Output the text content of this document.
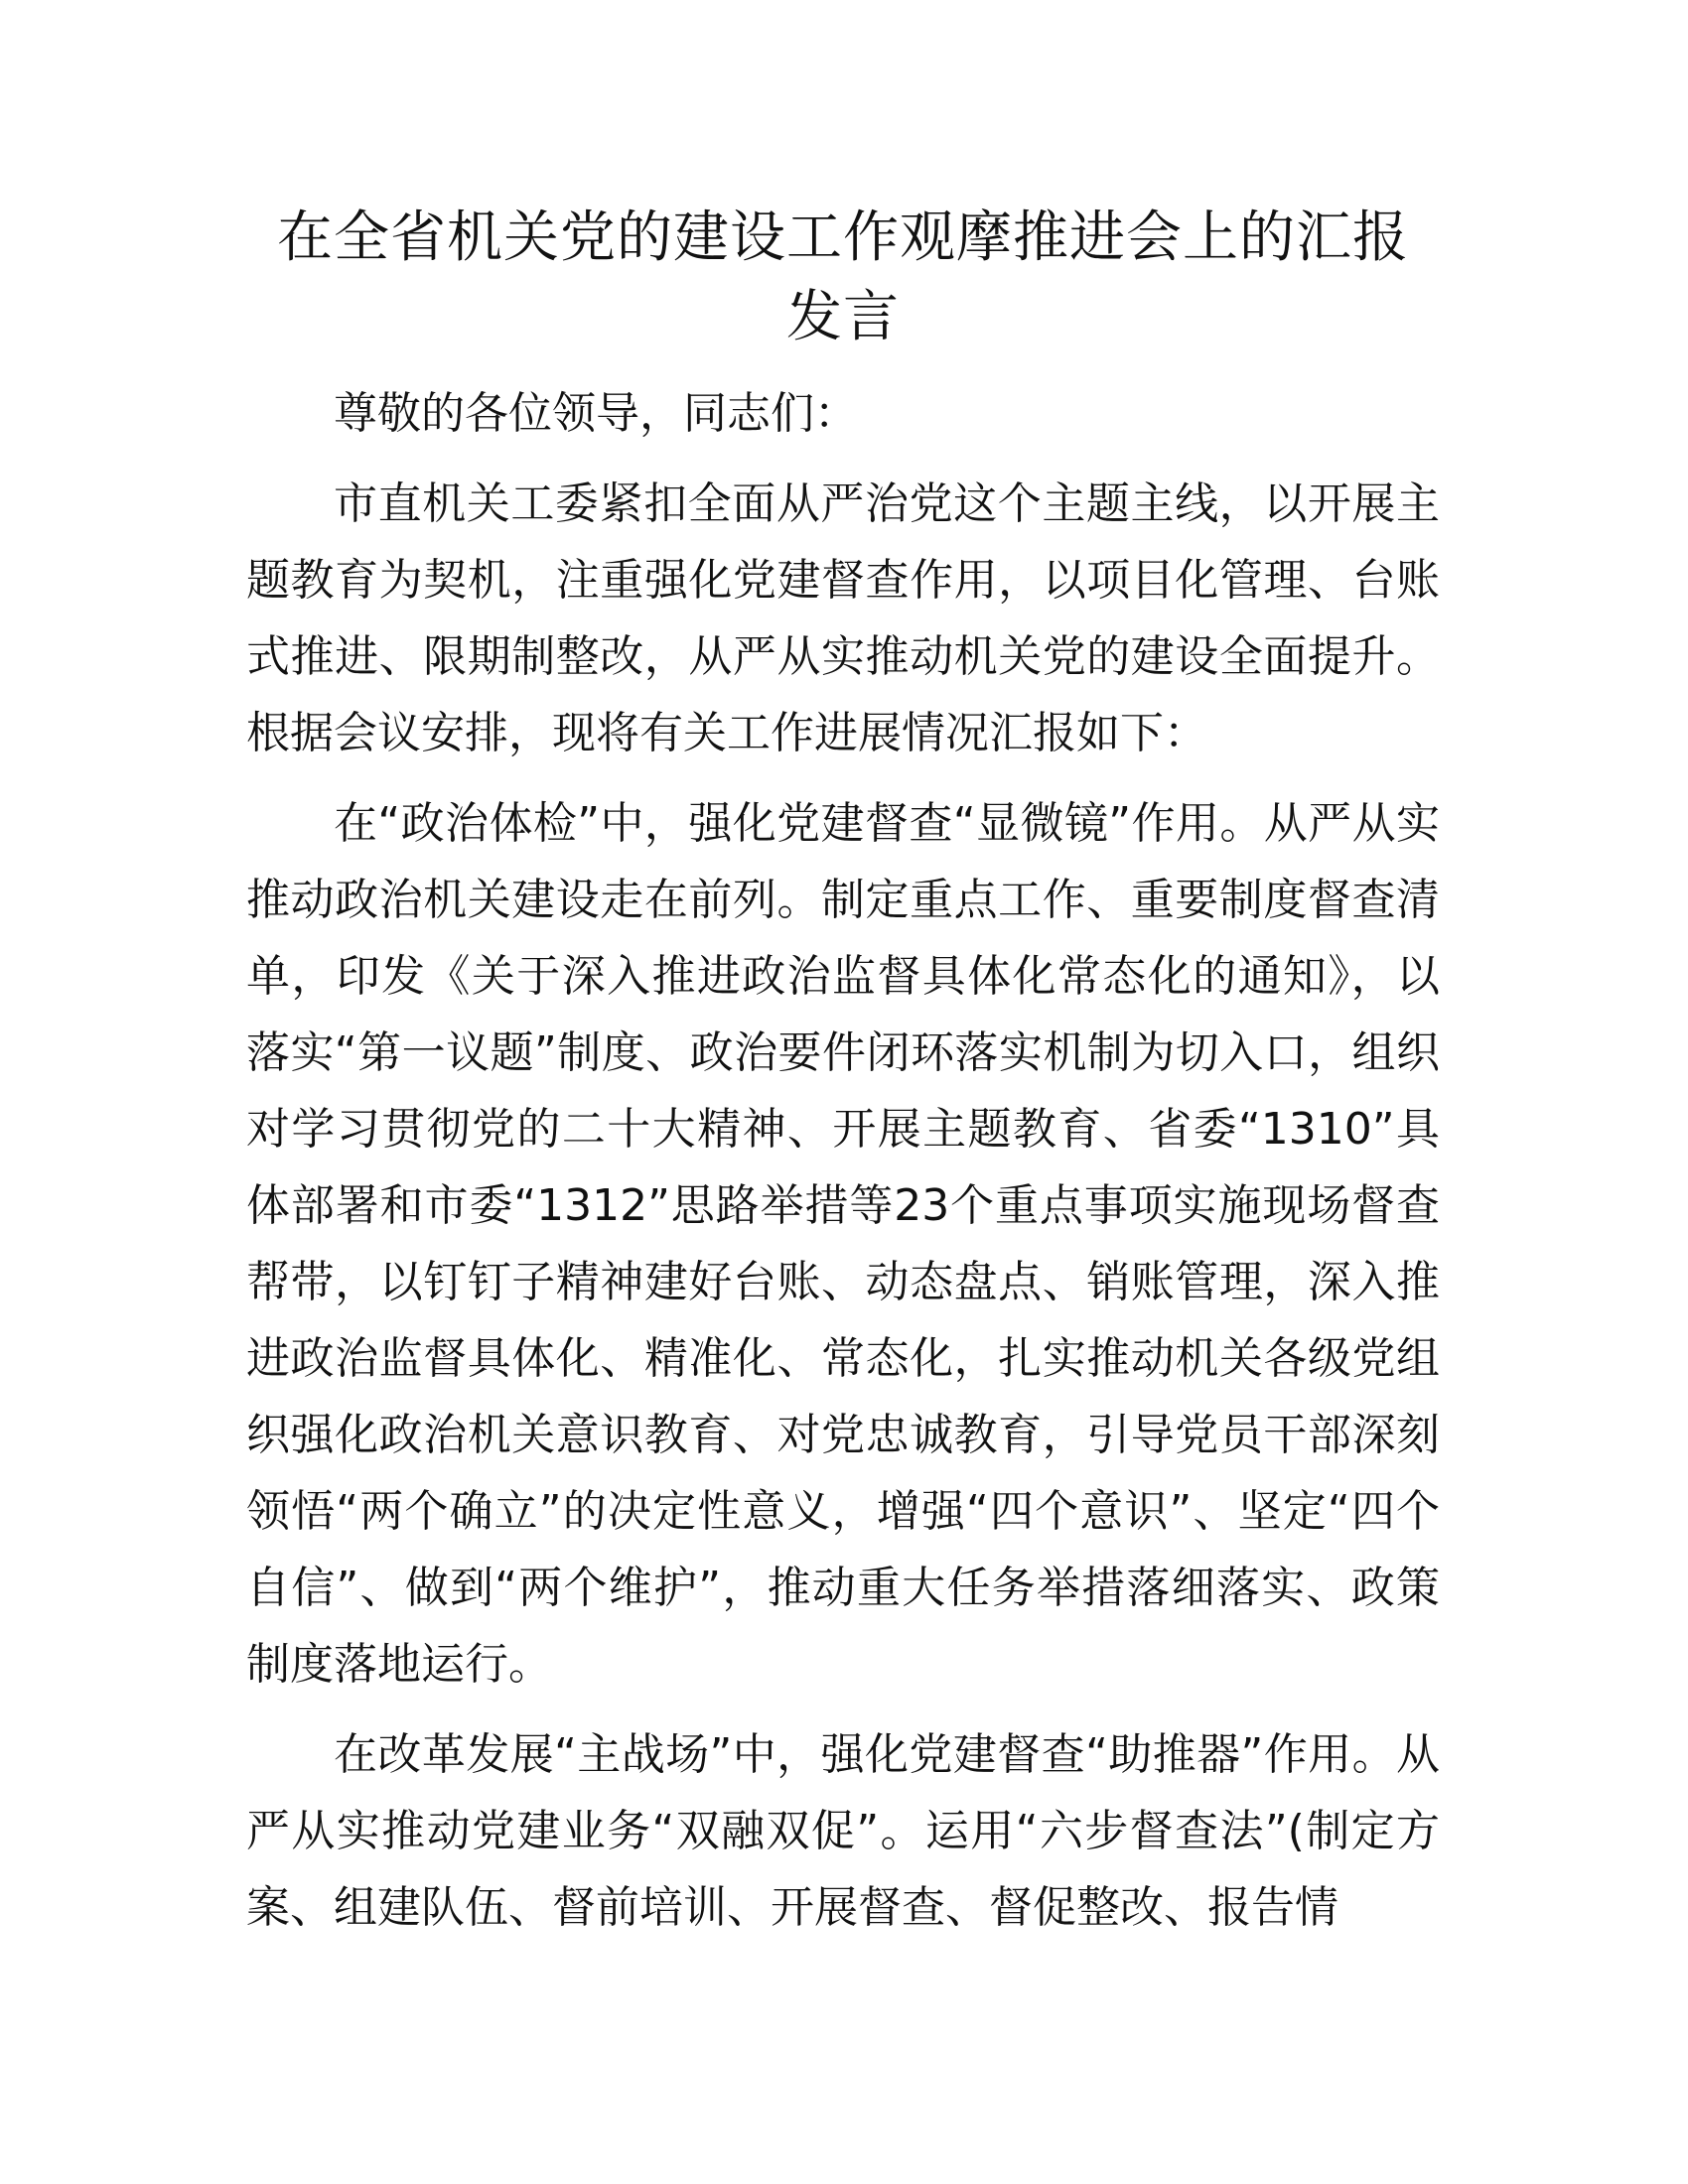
在全省机关党的建设工作观摩推进会上的汇报
发言

尊敬的各位领导，同志们：

市直机关工委紧扣全面从严治党这个主题主线，以开展主题教育为契机，注重强化党建督查作用，以项目化管理、台账式推进、限期制整改，从严从实推动机关党的建设全面提升。根据会议安排，现将有关工作进展情况汇报如下：

在“政治体检”中，强化党建督查“显微镜”作用。从严从实推动政治机关建设走在前列。制定重点工作、重要制度督查清单，印发《关于深入推进政治监督具体化常态化的通知》，以落实“第一议题”制度、政治要件闭环落实机制为切入口，组织对学习贯彻党的二十大精神、开展主题教育、省委“1310”具体部署和市委“1312”思路举措等23个重点事项实施现场督查帮带，以钉钉子精神建好台账、动态盘点、销账管理，深入推进政治监督具体化、精准化、常态化，扎实推动机关各级党组织强化政治机关意识教育、对党忠诚教育，引导党员干部深刻领悟“两个确立”的决定性意义，增强“四个意识”、坚定“四个自信”、做到“两个维护”，推动重大任务举措落细落实、政策制度落地运行。

在改革发展“主战场”中，强化党建督查“助推器”作用。从严从实推动党建业务“双融双促”。运用“六步督查法”(制定方案、组建队伍、督前培训、开展督查、督促整改、报告情
